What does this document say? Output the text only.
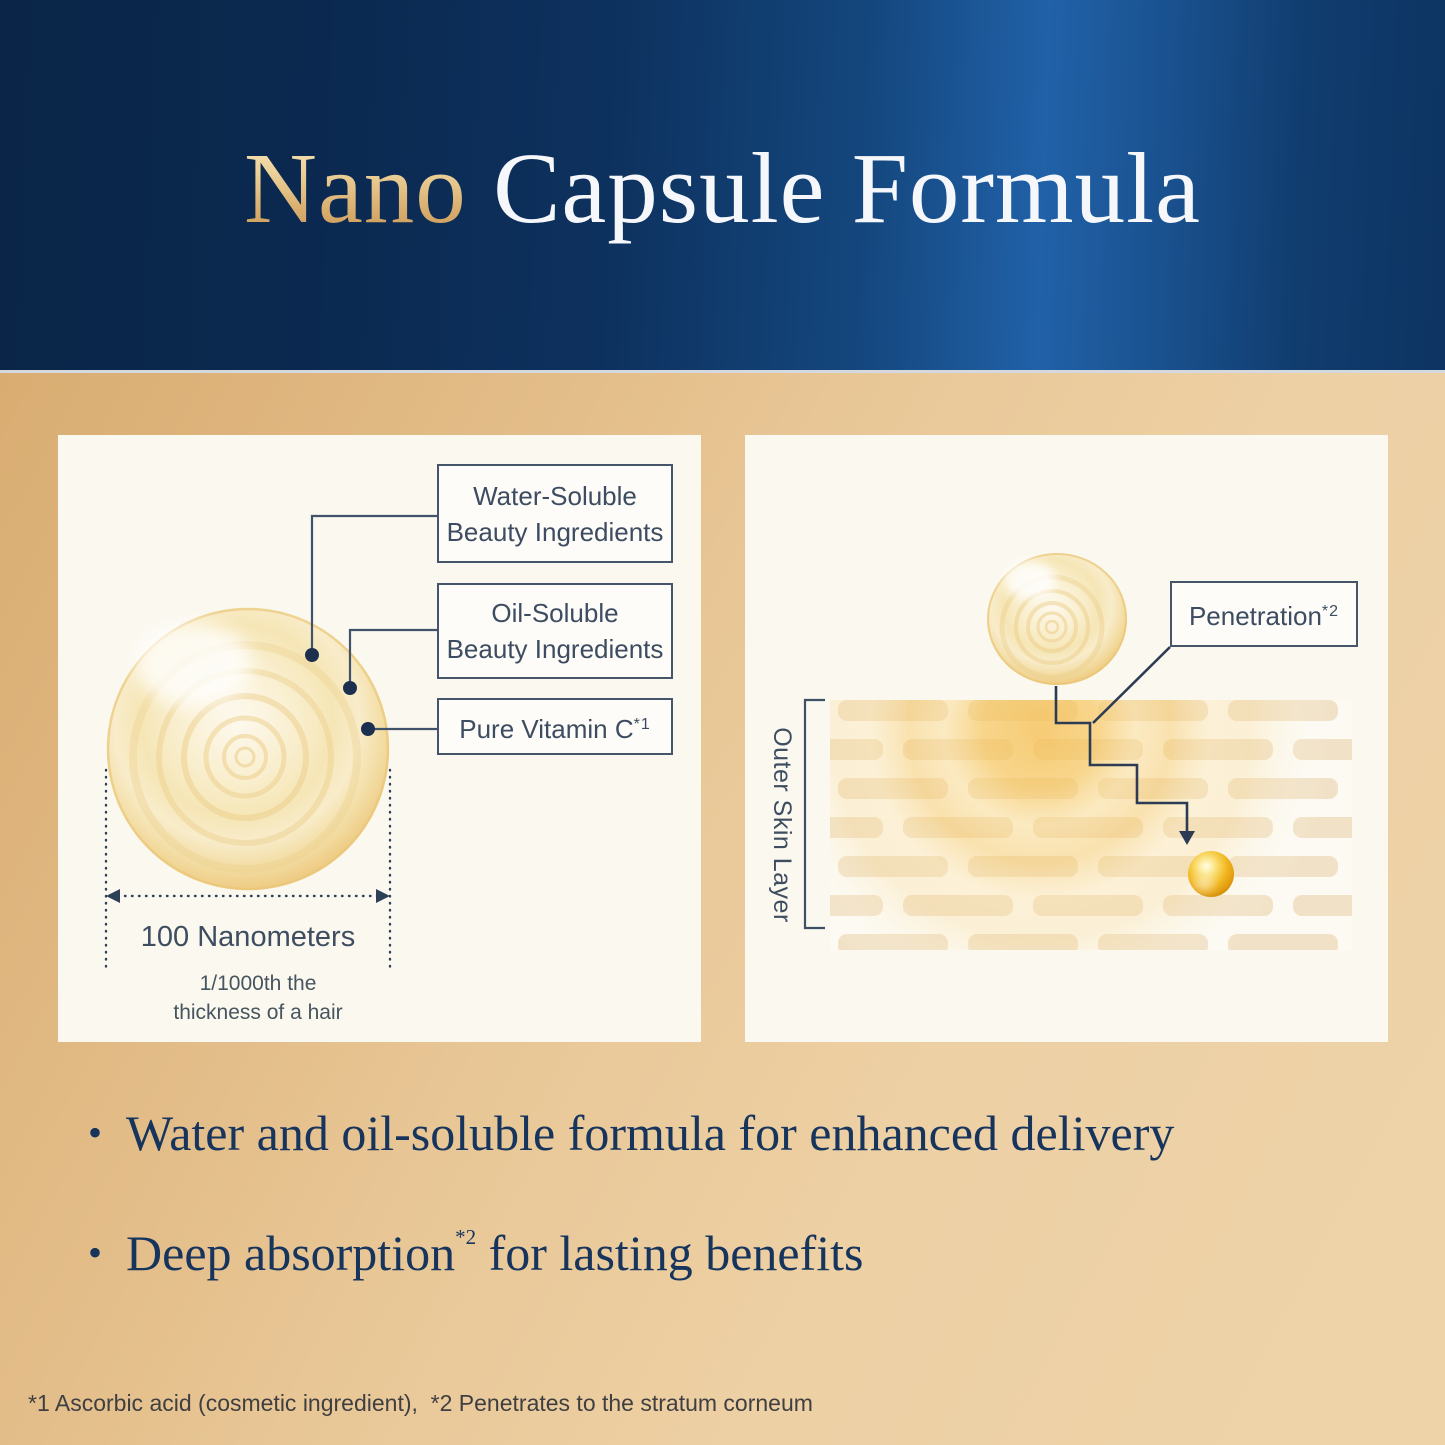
Nano Capsule Formula
Water-Soluble
Beauty Ingredients
Oil-Soluble
Beauty Ingredients
Pure Vitamin $C^{*1}$
100 Nanometers
1/1000th the
thickness of a hair
Penetration$^{*2}$
Outer Skin Layer
• Water and oil-soluble formula for enhanced delivery
• Deep absorption$^{*2}$ for lasting benefits
*1 Ascorbic acid (cosmetic ingredient),  *2 Penetrates to the stratum corneum
